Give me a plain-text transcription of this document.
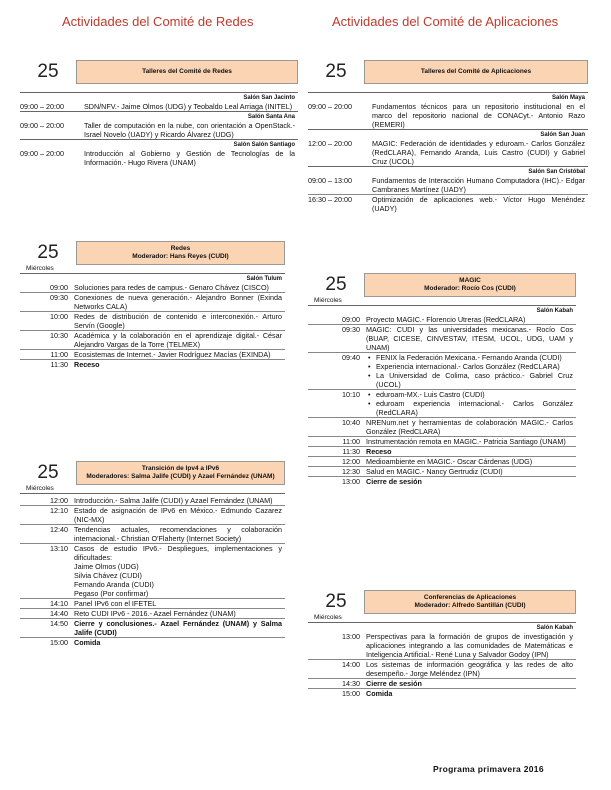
Actividades del Comité de Redes	Actividades del Comité de Aplicaciones
25	Talleres del Comité de Redes
Salón San Jacinto
09:00 – 20:00	SDN/NFV.- Jaime Olmos (UDG) y Teobaldo Leal Arriaga (INITEL)
Salón Santa Ana
09:00 – 20:00	Taller de computación en la nube, con orientación a OpenStack.- Israel Novelo (UADY) y Ricardo Álvarez (UDG)
Salón Salón Santiago
09:00 – 20:00	Introducción al Gobierno y Gestión de Tecnologías de la Información.- Hugo Rivera (UNAM)
25	Redes
Moderador: Hans Reyes (CUDI)
Miércoles
Salón Tulum
09:00 Soluciones para redes de campus.- Genaro Chávez (CISCO)
09:30 Conexiones de nueva generación.- Alejandro Bonner (Exinda Networks CALA)
10:00 Redes de distribución de contenido e interconexión.- Arturo Servín (Google)
10:30 Académica y la colaboración en el aprendizaje digital.- César Alejandro Vargas de la Torre (TELMEX)
11:00 Ecosistemas de Internet.- Javier Rodríguez Macías (EXINDA)
11:30 Receso
25	Transición de Ipv4 a IPv6
Moderadores: Salma Jalife (CUDI) y Azael Fernández (UNAM)
Miércoles
12:00 Introducción.- Salma Jalife (CUDI) y Azael Fernández (UNAM)
12:10 Estado de asignación de IPv6 en México.- Edmundo Cazarez (NIC-MX)
12:40 Tendencias actuales, recomendaciones y colaboración internacional.- Christian O'Flaherty (Internet Society)
13:10 Casos de estudio IPv6.- Despliegues, implementaciones y dificultades:
Jaime Olmos (UDG)
Silvia Chávez (CUDI)
Fernando Aranda (CUDI)
Pegaso (Por confirmar)
14:10 Panel IPv6 con el IFETEL
14:40 Reto CUDI IPv6 - 2016.- Azael Fernández (UNAM)
14:50 Cierre y conclusiones.- Azael Fernández (UNAM) y Salma Jalife (CUDI)
15:00 Comida
25	Talleres del Comité de Aplicaciones
Salón Maya
09:00 – 20:00	Fundamentos técnicos para un repositorio institucional en el marco del repositorio nacional de CONACyt.- Antonio Razo (REMERI)
Salón San Juan
12:00 – 20:00	MAGIC: Federación de identidades y eduroam.- Carlos González (RedCLARA), Fernando Aranda, Luis Castro (CUDI) y Gabriel Cruz (UCOL)
Salón San Cristóbal
09:00 – 13:00	Fundamentos de Interacción Humano Computadora (IHC).- Edgar Cambranes Martínez (UADY)
16:30 – 20:00	Optimización de aplicaciones web.- Víctor Hugo Menéndez (UADY)
25	MAGIC
Moderador: Rocío Cos (CUDI)
Miércoles
Salón Kabah
09:00 Proyecto MAGIC.- Florencio Utreras (RedCLARA)
09:30 MAGIC: CUDI y las universidades mexicanas.- Rocío Cos (BUAP, CICESE, CINVESTAV, ITESM, UCOL, UDG, UAM y UNAM)
09:40	• FENIX la Federación Mexicana.- Fernando Aranda (CUDI)
• Experiencia internacional.- Carlos González (RedCLARA)
• La Universidad de Colima, caso práctico.- Gabriel Cruz (UCOL)
10:10	• eduroam-MX.- Luis Castro (CUDI)
• eduroam experiencia internacional.- Carlos González (RedCLARA)
10:40 NRENum.net y herramientas de colaboración MAGIC.- Carlos González (RedCLARA)
11:00 Instrumentación remota en MAGIC.- Patricia Santiago (UNAM)
11:30 Receso
12:00 Medioambiente en MAGIC.- Oscar Cárdenas (UDG)
12:30 Salud en MAGIC.- Nancy Gertrudiz (CUDI)
13:00 Cierre de sesión
25	Conferencias de Aplicaciones
Moderador: Alfredo Santillán (CUDI)
Miércoles
Salón Kabah
13:00 Perspectivas para la formación de grupos de investigación y aplicaciones integrando a las comunidades de Matemáticas e Inteligencia Artificial.- René Luna y Salvador Godoy (IPN)
14:00 Los sistemas de información geográfica y las redes de alto desempeño.- Jorge Meléndez (IPN)
14:30 Cierre de sesión
15:00 Comida
Programa primavera 2016
